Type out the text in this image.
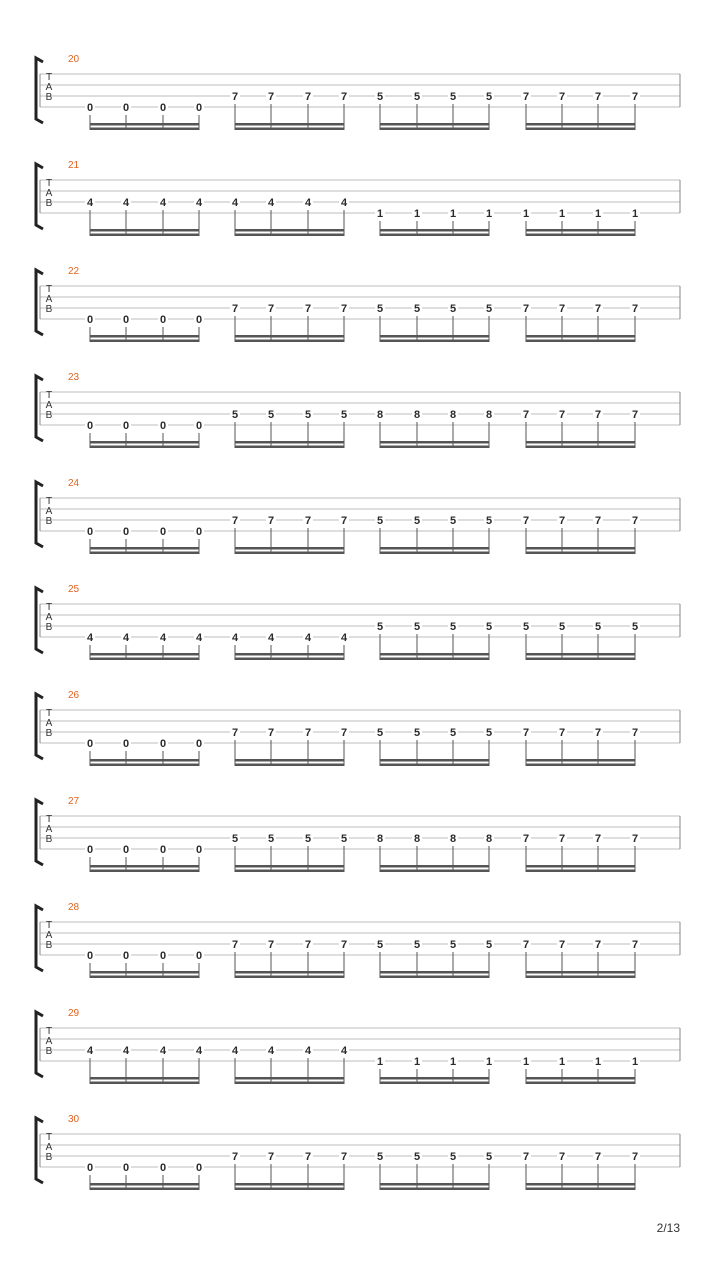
20
T
A
B
0	0	0	0
7	7	7	7	5	5	5	5	7	7	7	7
21
T
A
B	4	4	4	4	4	4	4	4
1	1	1	1	1	1	1	1
22
T
A
B
0	0	0	0
7	7	7	7	5	5	5	5	7	7	7	7
23
T
A
B
0	0	0	0
5	5	5	5	8	8	8	8	7	7	7	7
24
T
A
B
0	0	0	0
7	7	7	7	5	5	5	5	7	7	7	7
25
T
A
B
4	4	4	4	4	4	4	4
5	5	5	5	5	5	5	5
26
T
A
B
0	0	0	0
7	7	7	7	5	5	5	5	7	7	7	7
27
T
A
B
0	0	0	0
5	5	5	5	8	8	8	8	7	7	7	7
28
T
A
B
0	0	0	0
7	7	7	7	5	5	5	5	7	7	7	7
29
T
A
B	4	4	4	4	4	4	4	4
1	1	1	1	1	1	1	1
30
T
A
B
0	0	0	0
7	7	7	7	5	5	5	5	7	7	7	7
2/13
